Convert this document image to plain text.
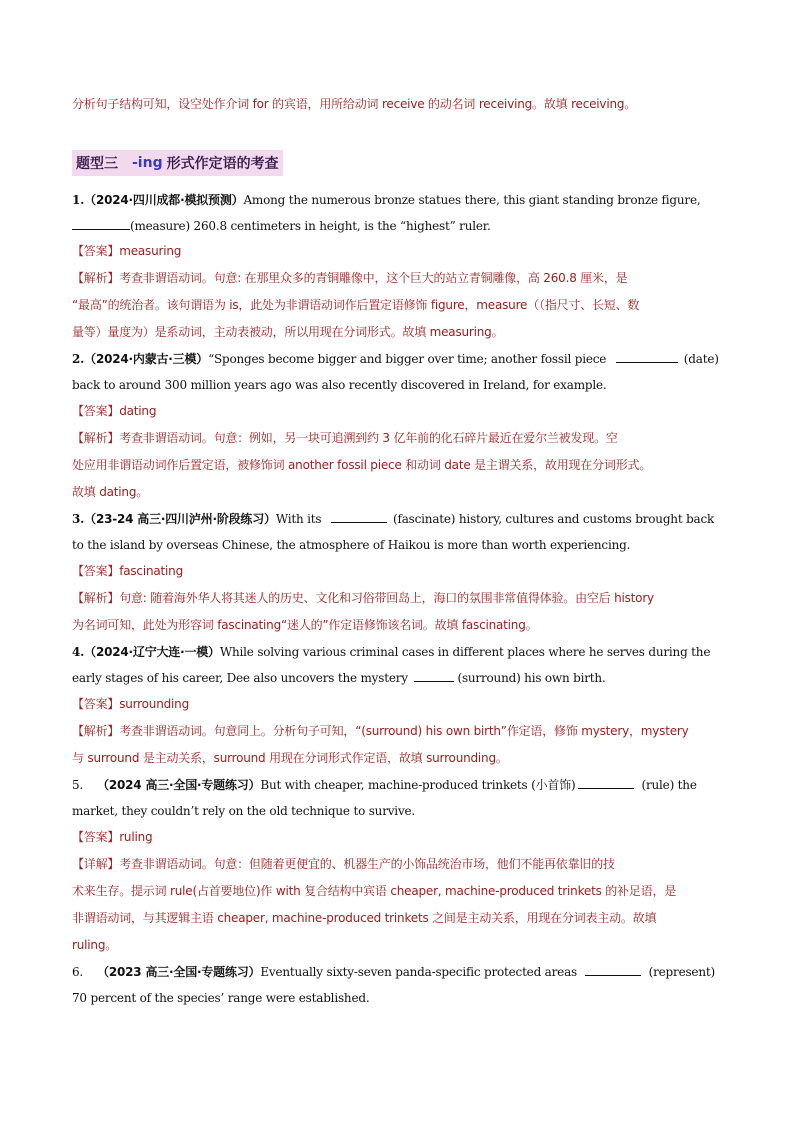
分析句子结构可知，设空处作介词 for 的宾语，用所给动词 receive 的动名词 receiving。故填 receiving。
题型三 -ing 形式作定语的考查
1.（2024·四川成都·模拟预测）Among the numerous bronze statues there, this giant standing bronze figure,
(measure) 260.8 centimeters in height, is the “highest” ruler.
【答案】measuring
【解析】考查非谓语动词。句意: 在那里众多的青铜雕像中，这个巨大的站立青铜雕像，高 260.8 厘米，是
“最高”的统治者。该句谓语为 is，此处为非谓语动词作后置定语修饰 figure，measure（（指尺寸、长短、数
量等）量度为）是系动词，主动表被动，所以用现在分词形式。故填 measuring。
2.（2024·内蒙古·三模）“Sponges become bigger and bigger over time; another fossil piece	(date)
back to around 300 million years ago was also recently discovered in Ireland, for example.
【答案】dating
【解析】考查非谓语动词。句意：例如，另一块可追溯到约 3 亿年前的化石碎片最近在爱尔兰被发现。空
处应用非谓语动词作后置定语，被修饰词 another fossil piece 和动词 date 是主谓关系，故用现在分词形式。
故填 dating。
3.（23-24 高三·四川泸州·阶段练习）With its	(fascinate) history, cultures and customs brought back
to the island by overseas Chinese, the atmosphere of Haikou is more than worth experiencing.
【答案】fascinating
【解析】句意: 随着海外华人将其迷人的历史、文化和习俗带回岛上，海口的氛围非常值得体验。由空后 history
为名词可知，此处为形容词 fascinating“迷人的”作定语修饰该名词。故填 fascinating。
4.（2024·辽宁大连·一模）While solving various criminal cases in different places where he serves during the
early stages of his career, Dee also uncovers the mystery	(surround) his own birth.
【答案】surrounding
【解析】考查非谓语动词。句意同上。分析句子可知，“(surround) his own birth”作定语，修饰 mystery，mystery
与 surround 是主动关系，surround 用现在分词形式作定语，故填 surrounding。
5. （2024 高三·全国·专题练习）But with cheaper, machine-produced trinkets (小首饰)	(rule) the
market, they couldn’t rely on the old technique to survive.
【答案】ruling
【详解】考查非谓语动词。句意：但随着更便宜的、机器生产的小饰品统治市场，他们不能再依靠旧的技
术来生存。提示词 rule(占首要地位)作 with 复合结构中宾语 cheaper, machine-produced trinkets 的补足语，是
非谓语动词，与其逻辑主语 cheaper, machine-produced trinkets 之间是主动关系，用现在分词表主动。故填
ruling。
6. （2023 高三·全国·专题练习）Eventually sixty-seven panda-specific protected areas	(represent)
70 percent of the species’ range were established.
